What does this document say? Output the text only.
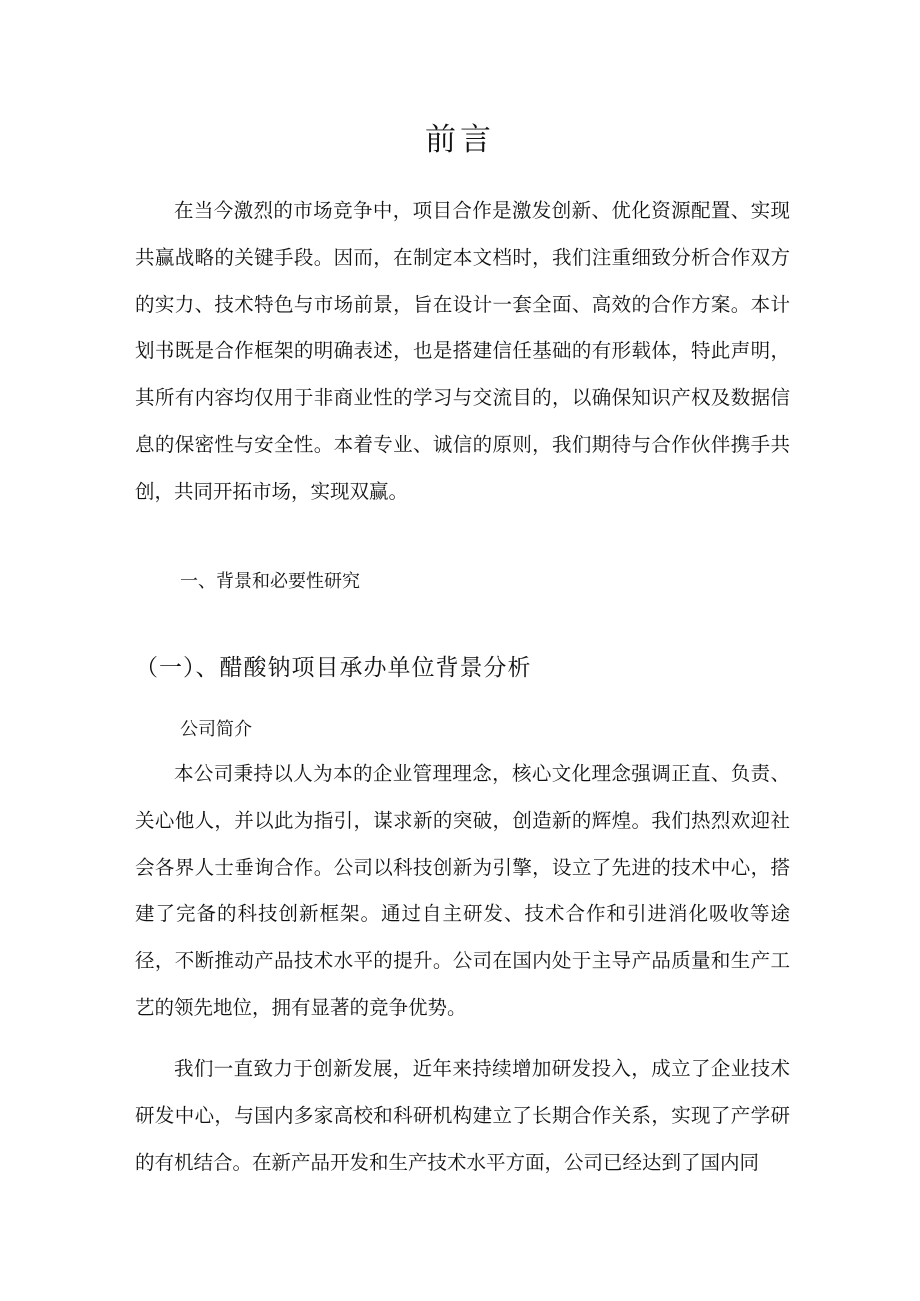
前言

在当今激烈的市场竞争中，项目合作是激发创新、优化资源配置、实现共赢战略的关键手段。因而，在制定本文档时，我们注重细致分析合作双方的实力、技术特色与市场前景，旨在设计一套全面、高效的合作方案。本计划书既是合作框架的明确表述，也是搭建信任基础的有形载体，特此声明，其所有内容均仅用于非商业性的学习与交流目的，以确保知识产权及数据信息的保密性与安全性。本着专业、诚信的原则，我们期待与合作伙伴携手共创，共同开拓市场，实现双赢。

一、背景和必要性研究
（一）、醋酸钠项目承办单位背景分析
公司简介

本公司秉持以人为本的企业管理理念，核心文化理念强调正直、负责、关心他人，并以此为指引，谋求新的突破，创造新的辉煌。我们热烈欢迎社会各界人士垂询合作。公司以科技创新为引擎，设立了先进的技术中心，搭建了完备的科技创新框架。通过自主研发、技术合作和引进消化吸收等途径，不断推动产品技术水平的提升。公司在国内处于主导产品质量和生产工艺的领先地位，拥有显著的竞争优势。

我们一直致力于创新发展，近年来持续增加研发投入，成立了企业技术研发中心，与国内多家高校和科研机构建立了长期合作关系，实现了产学研的有机结合。在新产品开发和生产技术水平方面，公司已经达到了国内同
